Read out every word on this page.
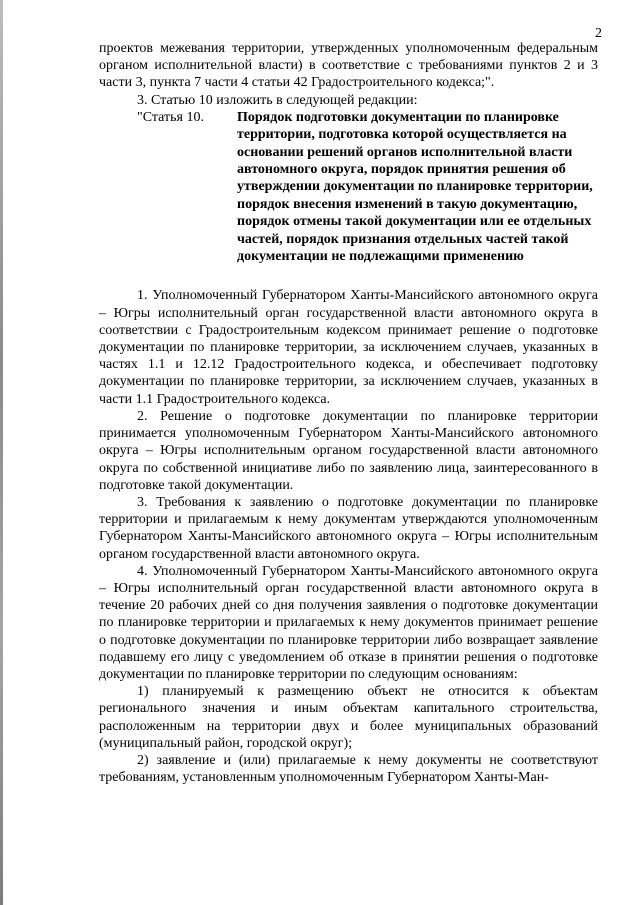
2

проектов межевания территории, утвержденных уполномоченным федеральным органом исполнительной власти) в соответствие с требованиями пунктов 2 и 3 части 3, пункта 7 части 4 статьи 42 Градостроительного кодекса;".

3. Статью 10 изложить в следующей редакции:

"Статья 10.	Порядок подготовки документации по планировке территории, подготовка которой осуществляется на основании решений органов исполнительной власти автономного округа, порядок принятия решения об утверждении документации по планировке территории, порядок внесения изменений в такую документацию, порядок отмены такой документации или ее отдельных частей, порядок признания отдельных частей такой документации не подлежащими применению

1. Уполномоченный Губернатором Ханты-Мансийского автономного округа – Югры исполнительный орган государственной власти автономного округа в соответствии с Градостроительным кодексом принимает решение о подготовке документации по планировке территории, за исключением случаев, указанных в частях 1.1 и 12.12 Градостроительного кодекса, и обеспечивает подготовку документации по планировке территории, за исключением случаев, указанных в части 1.1 Градостроительного кодекса.

2. Решение о подготовке документации по планировке территории принимается уполномоченным Губернатором Ханты-Мансийского автономного округа – Югры исполнительным органом государственной власти автономного округа по собственной инициативе либо по заявлению лица, заинтересованного в подготовке такой документации.

3. Требования к заявлению о подготовке документации по планировке территории и прилагаемым к нему документам утверждаются уполномоченным Губернатором Ханты-Мансийского автономного округа – Югры исполнительным органом государственной власти автономного округа.

4. Уполномоченный Губернатором Ханты-Мансийского автономного округа – Югры исполнительный орган государственной власти автономного округа в течение 20 рабочих дней со дня получения заявления о подготовке документации по планировке территории и прилагаемых к нему документов принимает решение о подготовке документации по планировке территории либо возвращает заявление подавшему его лицу с уведомлением об отказе в принятии решения о подготовке документации по планировке территории по следующим основаниям:

1) планируемый к размещению объект не относится к объектам регионального значения и иным объектам капитального строительства, расположенным на территории двух и более муниципальных образований (муниципальный район, городской округ);

2) заявление и (или) прилагаемые к нему документы не соответствуют требованиям, установленным уполномоченным Губернатором Ханты-Ман-
